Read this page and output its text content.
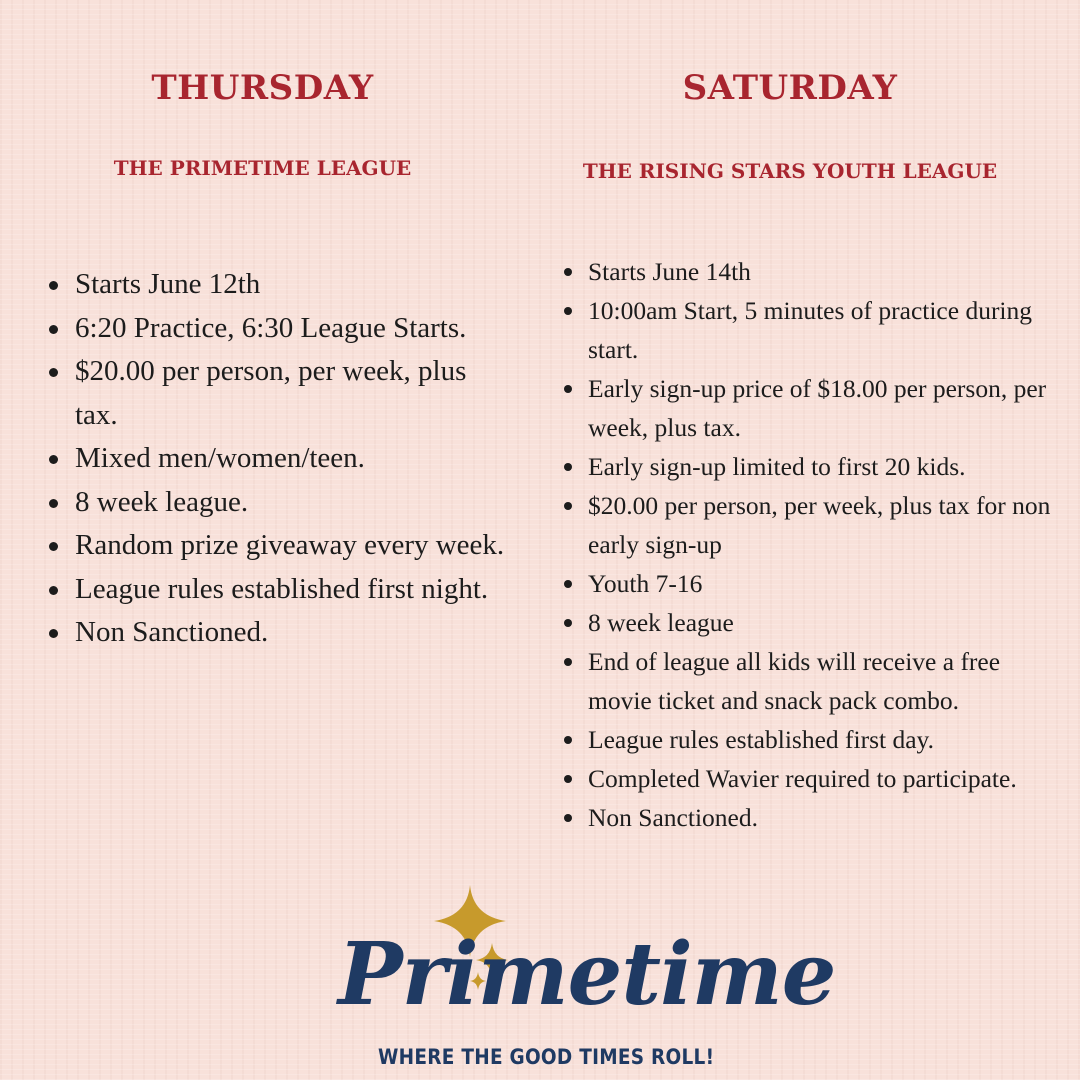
THURSDAY
THE PRIMETIME LEAGUE
Starts June 12th
6:20 Practice, 6:30 League Starts.
$20.00 per person, per week, plus tax.
Mixed men/women/teen.
8 week league.
Random prize giveaway every week.
League rules established first night.
Non Sanctioned.
SATURDAY
THE RISING STARS YOUTH LEAGUE
Starts June 14th
10:00am Start, 5 minutes of practice during start.
Early sign-up price of $18.00 per person, per week, plus tax.
Early sign-up limited to first 20 kids.
$20.00 per person, per week, plus tax for non early sign-up
Youth 7-16
8 week league
End of league all kids will receive a free movie ticket and snack pack combo.
League rules established first day.
Completed Wavier required to participate.
Non Sanctioned.

Primetime

WHERE THE GOOD TIMES ROLL!
